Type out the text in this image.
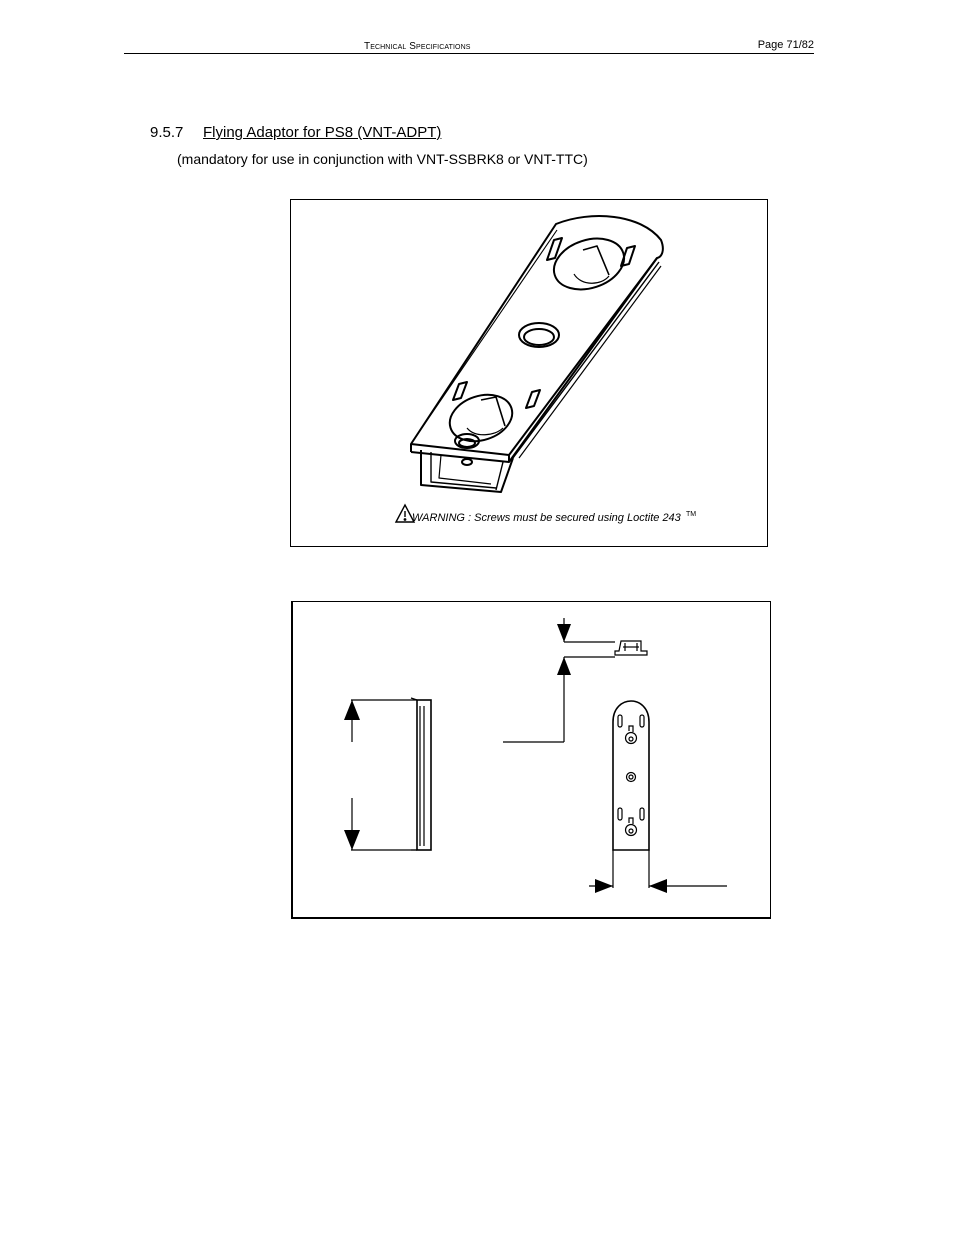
Technical Specifications	Page 71/82
9.5.7 Flying Adaptor for PS8 (VNT-ADPT)
(mandatory for use in conjunction with VNT-SSBRK8 or VNT-TTC)
WARNING : Screws must be secured using Loctite 243 TM
